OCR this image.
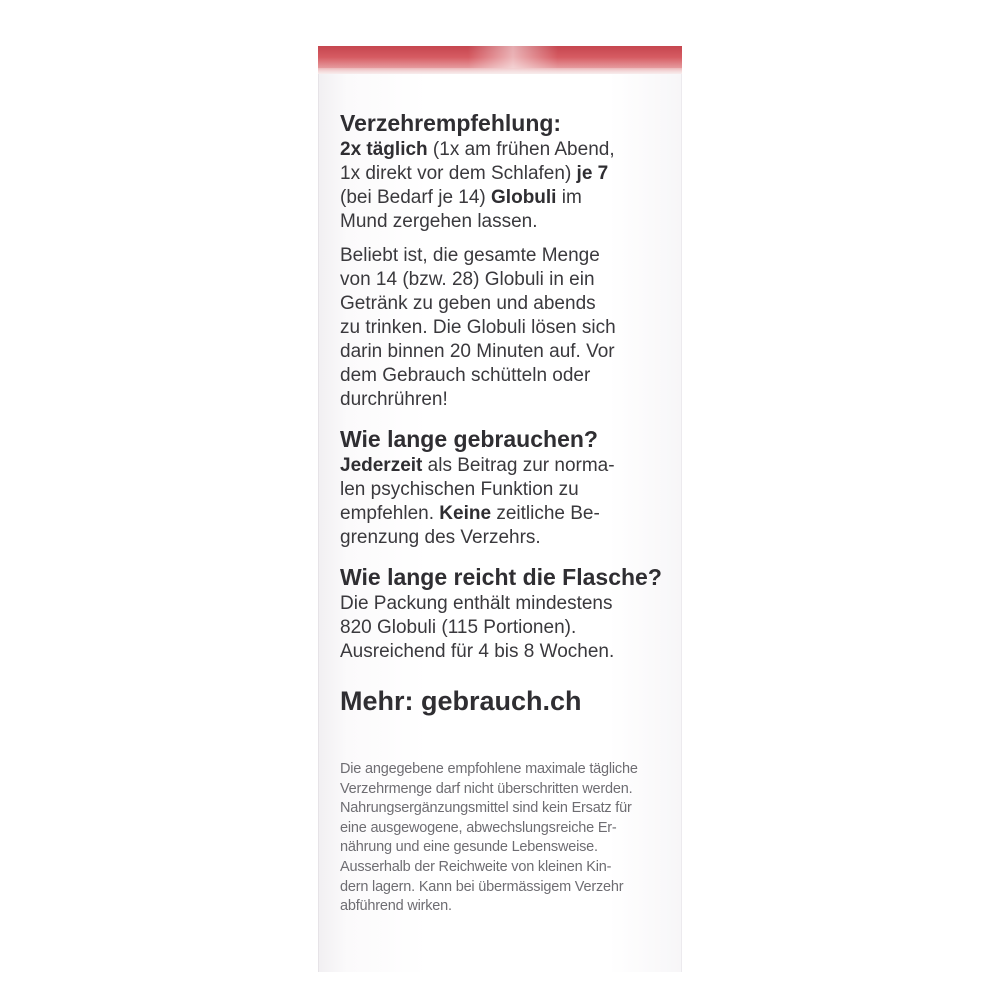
Verzehrempfehlung:

2x täglich (1x am frühen Abend,
1x direkt vor dem Schlafen) je 7
(bei Bedarf je 14) Globuli im
Mund zergehen lassen.

Beliebt ist, die gesamte Menge
von 14 (bzw. 28) Globuli in ein
Getränk zu geben und abends
zu trinken. Die Globuli lösen sich
darin binnen 20 Minuten auf. Vor
dem Gebrauch schütteln oder
durchrühren!

Wie lange gebrauchen?

Jederzeit als Beitrag zur norma-
len psychischen Funktion zu
empfehlen. Keine zeitliche Be-
grenzung des Verzehrs.

Wie lange reicht die Flasche?

Die Packung enthält mindestens
820 Globuli (115 Portionen).
Ausreichend für 4 bis 8 Wochen.

Mehr: gebrauch.ch

Die angegebene empfohlene maximale tägliche
Verzehrmenge darf nicht überschritten werden.
Nahrungsergänzungsmittel sind kein Ersatz für
eine ausgewogene, abwechslungsreiche Er-
nährung und eine gesunde Lebensweise.
Ausserhalb der Reichweite von kleinen Kin-
dern lagern. Kann bei übermässigem Verzehr
abführend wirken.
